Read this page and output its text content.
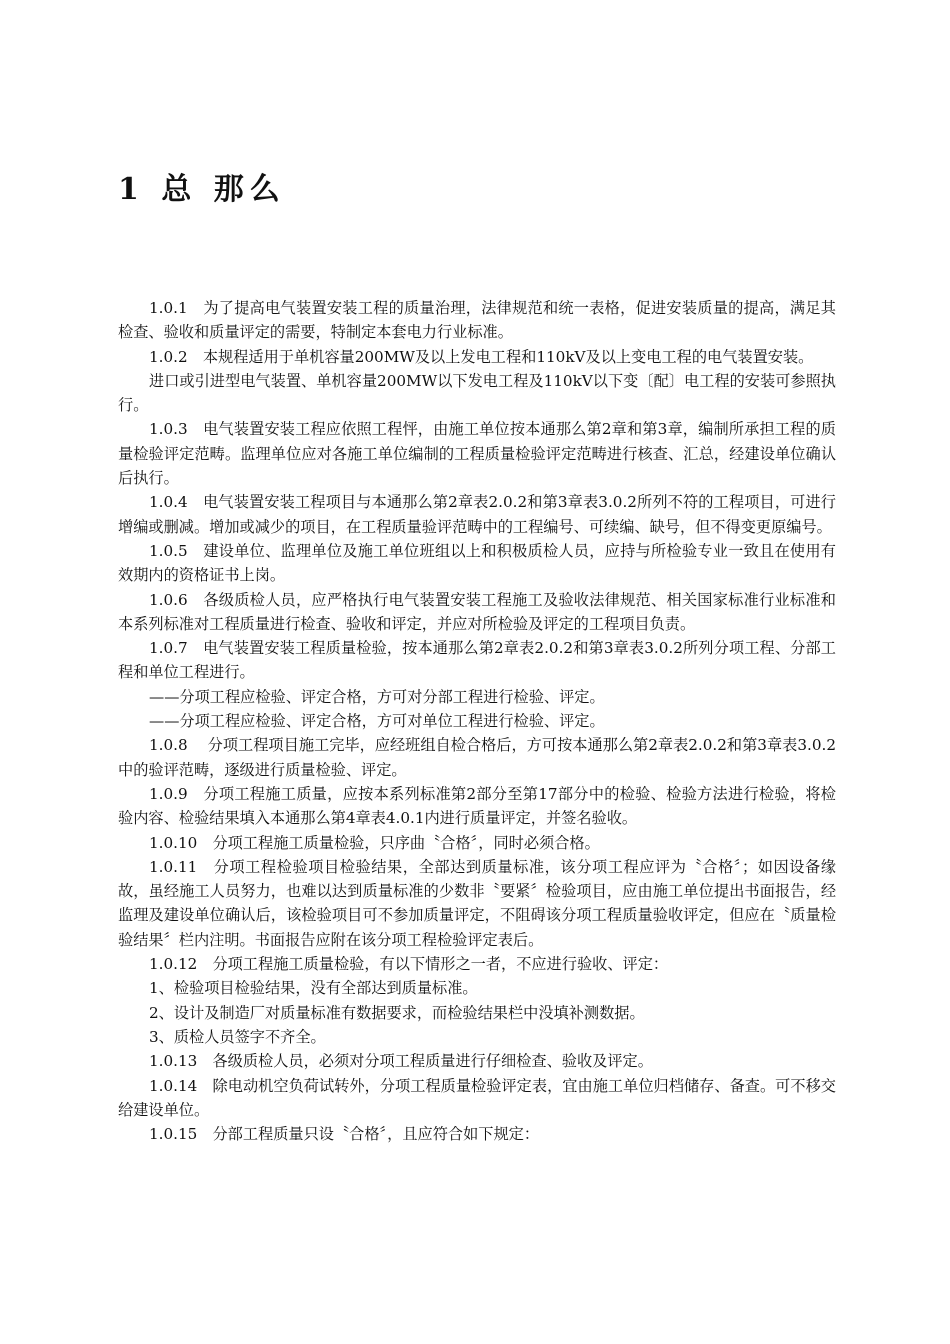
1 总 那么

1.0.1　为了提高电气装置安装工程的质量治理，法律规范和统一表格，促进安装质量的提高，满足其检查、验收和质量评定的需要，特制定本套电力行业标准。

1.0.2　本规程适用于单机容量200MW及以上发电工程和110kV及以上变电工程的电气装置安装。

进口或引进型电气装置、单机容量200MW以下发电工程及110kV以下变〔配〕电工程的安装可参照执行。

1.0.3　电气装置安装工程应依照工程怦，由施工单位按本通那么第2章和第3章，编制所承担工程的质量检验评定范畴。监理单位应对各施工单位编制的工程质量检验评定范畴进行核查、汇总，经建设单位确认后执行。

1.0.4　电气装置安装工程项目与本通那么第2章表2.0.2和第3章表3.0.2所列不符的工程项目，可进行增编或删减。增加或减少的项目，在工程质量验评范畴中的工程编号、可续编、缺号，但不得变更原编号。

1.0.5　建设单位、监理单位及施工单位班组以上和积极质检人员，应持与所检验专业一致且在使用有效期内的资格证书上岗。

1.0.6　各级质检人员，应严格执行电气装置安装工程施工及验收法律规范、相关国家标准行业标准和本系列标准对工程质量进行检查、验收和评定，并应对所检验及评定的工程项目负责。

1.0.7　电气装置安装工程质量检验，按本通那么第2章表2.0.2和第3章表3.0.2所列分项工程、分部工程和单位工程进行。

——分项工程应检验、评定合格，方可对分部工程进行检验、评定。

——分项工程应检验、评定合格，方可对单位工程进行检验、评定。

1.0.8　 分项工程项目施工完毕，应经班组自检合格后，方可按本通那么第2章表2.0.2和第3章表3.0.2中的验评范畴，逐级进行质量检验、评定。

1.0.9　分项工程施工质量，应按本系列标准第2部分至第17部分中的检验、检验方法进行检验，将检验内容、检验结果填入本通那么第4章表4.0.1内进行质量评定，并签名验收。

1.0.10　分项工程施工质量检验，只序曲〝合格〞，同时必须合格。

1.0.11　分项工程检验项目检验结果，全部达到质量标准，该分项工程应评为〝合格〞；如因设备缘故，虽经施工人员努力，也难以达到质量标准的少数非〝要紧〞检验项目，应由施工单位提出书面报告，经监理及建设单位确认后，该检验项目可不参加质量评定，不阻碍该分项工程质量验收评定，但应在〝质量检验结果〞栏内注明。书面报告应附在该分项工程检验评定表后。

1.0.12　分项工程施工质量检验，有以下情形之一者，不应进行验收、评定：

1、检验项目检验结果，没有全部达到质量标准。

2、设计及制造厂对质量标准有数据要求，而检验结果栏中没填补测数据。

3、质检人员签字不齐全。

1.0.13　各级质检人员，必须对分项工程质量进行仔细检查、验收及评定。

1.0.14　除电动机空负荷试转外，分项工程质量检验评定表，宜由施工单位归档储存、备查。可不移交给建设单位。

1.0.15　分部工程质量只设〝合格〞，且应符合如下规定：
